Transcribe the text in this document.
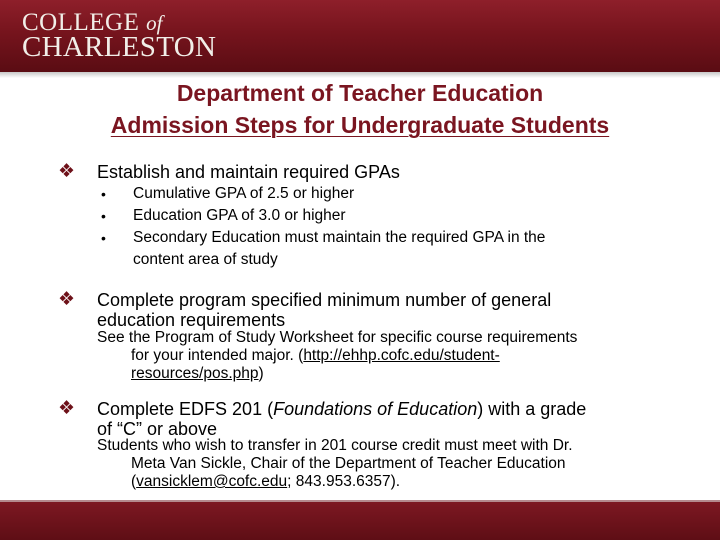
COLLEGE of
CHARLESTON
Department of Teacher Education
Admission Steps for Undergraduate Students
❖ Establish and maintain required GPAs
• Cumulative GPA of 2.5 or higher
• Education GPA of 3.0 or higher
• Secondary Education must maintain the required GPA in the
content area of study
❖ Complete program specified minimum number of general
education requirements
See the Program of Study Worksheet for specific course requirements
for your intended major. (http://ehhp.cofc.edu/student-
resources/pos.php)
❖ Complete EDFS 201 (Foundations of Education) with a grade
of “C” or above
Students who wish to transfer in 201 course credit must meet with Dr.
Meta Van Sickle, Chair of the Department of Teacher Education
(vansicklem@cofc.edu; 843.953.6357).
